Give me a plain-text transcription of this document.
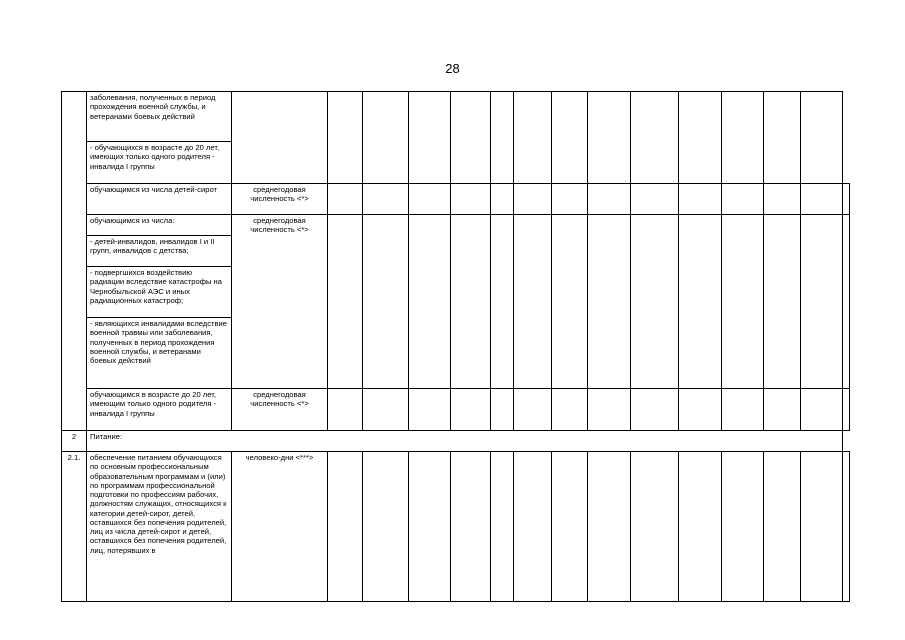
28
	заболевания, полученных в период прохождения военной службы, и ветеранами боевых действий															
	- обучающихся в возрасте до 20 лет, имеющих только одного родителя - инвалида I группы															
	обучающимся из числа детей-сирот	среднегодовая численность <*>														
	обучающимся из числа:	среднегодовая численность <*>														
	- детей-инвалидов, инвалидов I и II групп, инвалидов с детства;															
	- подвергшихся воздействию радиации вследствие катастрофы на Чернобыльской АЭС и иных радиационных катастроф;															
	- являющихся инвалидами вследствие военной травмы или заболевания, полученных в период прохождения военной службы, и ветеранами боевых действий															
	обучающимся в возрасте до 20 лет, имеющим только одного родителя - инвалида I группы	среднегодовая численность <*>														
2	Питание:															
2.1.	обеспечение питанием обучающихся по основным профессиональным образовательным программам и (или) по программам профессиональной подготовки по профессиям рабочих, должностям служащих, относящихся к категории детей-сирот, детей, оставшихся без попечения родителей, лиц из числа детей-сирот и детей, оставшихся без попечения родителей, лиц, потерявших в	человеко-дни <***>														
